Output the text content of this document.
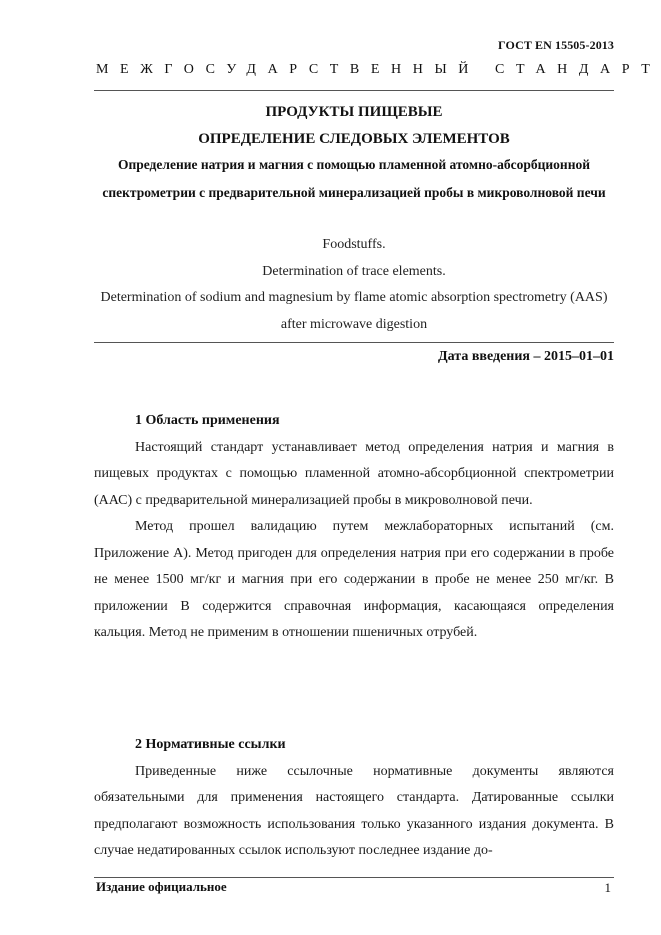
ГОСТ EN 15505-2013
МЕЖГОСУДАРСТВЕННЫЙ СТАНДАРТ
ПРОДУКТЫ ПИЩЕВЫЕ
ОПРЕДЕЛЕНИЕ СЛЕДОВЫХ ЭЛЕМЕНТОВ
Определение натрия и магния с помощью пламенной атомно-абсорбционной спектрометрии с предварительной минерализацией пробы в микроволновой печи
Foodstuffs.
Determination of trace elements.
Determination of sodium and magnesium by flame atomic absorption spectrometry (AAS) after microwave digestion
Дата введения – 2015–01–01

1 Область применения

Настоящий стандарт устанавливает метод определения натрия и магния в пищевых продуктах с помощью пламенной атомно-абсорбционной спектрометрии (ААС) с предварительной минерализацией пробы в микроволновой печи.

Метод прошел валидацию путем межлабораторных испытаний (см. Приложение А). Метод пригоден для определения натрия при его содержании в пробе не менее 1500 мг/кг и магния при его содержании в пробе не менее 250 мг/кг. В приложении В содержится справочная информация, касающаяся определения кальция. Метод не применим в отношении пшеничных отрубей.

2 Нормативные ссылки

Приведенные ниже ссылочные нормативные документы являются обязательными для применения настоящего стандарта. Датированные ссылки предполагают возможность использования только указанного издания документа. В случае недатированных ссылок используют последнее издание до-

Издание официальное	1
